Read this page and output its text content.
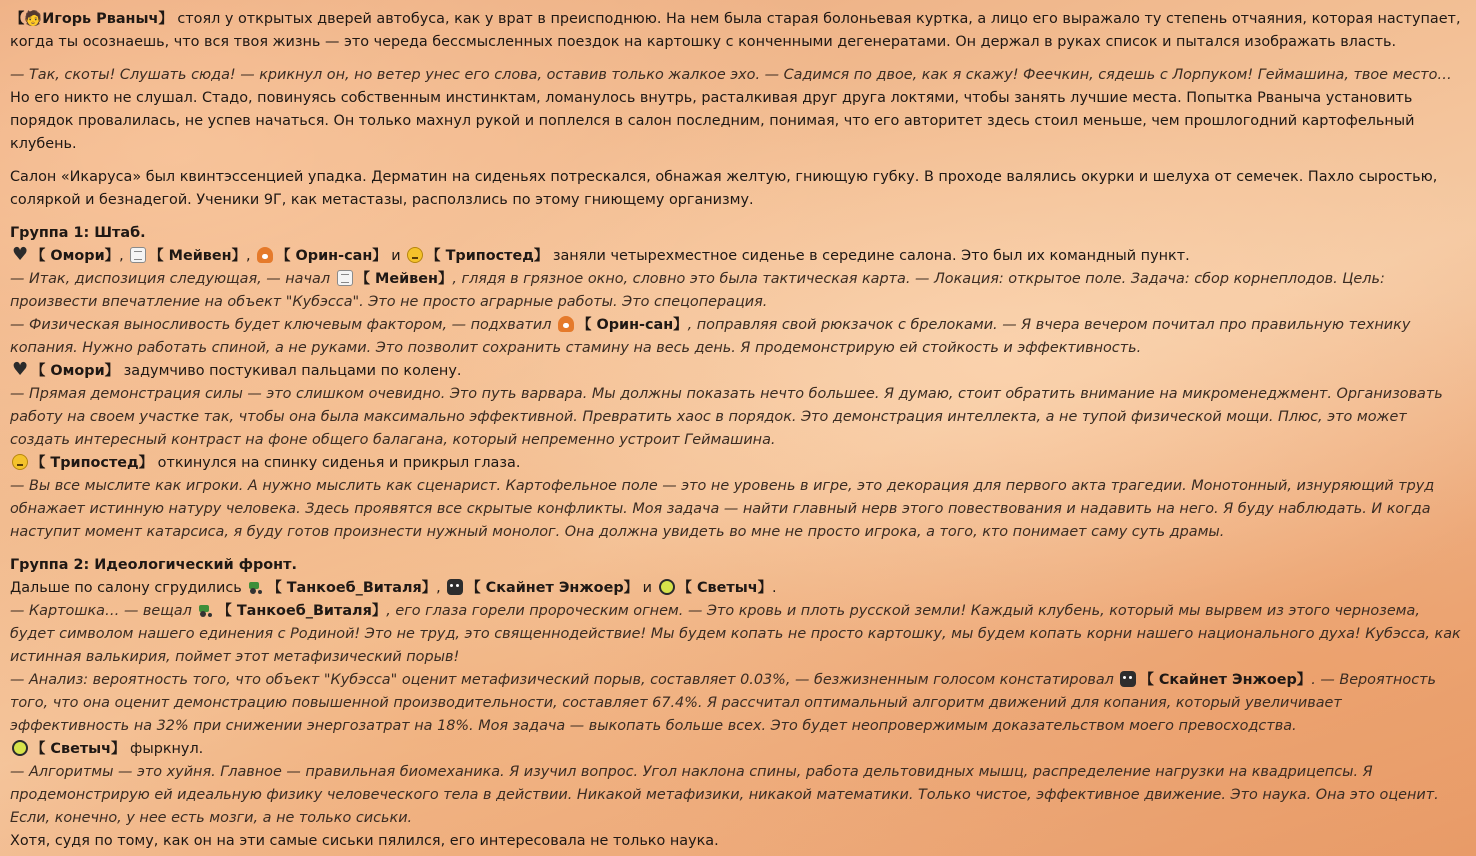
【🧑Игорь Рваныч】 стоял у открытых дверей автобуса, как у врат в преисподнюю. На нем была старая болоньевая куртка, а лицо его выражало ту степень отчаяния, которая наступает, когда ты осознаешь, что вся твоя жизнь — это череда бессмысленных поездок на картошку с конченными дегенератами. Он держал в руках список и пытался изображать власть.

— Так, скоты! Слушать сюда! — крикнул он, но ветер унес его слова, оставив только жалкое эхо. — Садимся по двое, как я скажу! Феечкин, сядешь с Лорпуком! Геймашина, твое место…

Но его никто не слушал. Стадо, повинуясь собственным инстинктам, ломанулось внутрь, расталкивая друг друга локтями, чтобы занять лучшие места. Попытка Рваныча установить порядок провалилась, не успев начаться. Он только махнул рукой и поплелся в салон последним, понимая, что его авторитет здесь стоил меньше, чем прошлогодний картофельный клубень.

Салон «Икаруса» был квинтэссенцией упадка. Дерматин на сиденьях потрескался, обнажая желтую, гниющую губку. В проходе валялись окурки и шелуха от семечек. Пахло сыростью, соляркой и безнадегой. Ученики 9Г, как метастазы, расползлись по этому гниющему организму.

Группа 1: Штаб.

♥【 Омори】, 【 Мейвен】, 【 Орин-сан】 и 【 Трипостед】 заняли четырехместное сиденье в середине салона. Это был их командный пункт.

— Итак, диспозиция следующая, — начал 【 Мейвен】, глядя в грязное окно, словно это была тактическая карта. — Локация: открытое поле. Задача: сбор корнеплодов. Цель: произвести впечатление на объект "Кубэсса". Это не просто аграрные работы. Это спецоперация.

— Физическая выносливость будет ключевым фактором, — подхватил 【 Орин-сан】, поправляя свой рюкзачок с брелоками. — Я вчера вечером почитал про правильную технику копания. Нужно работать спиной, а не руками. Это позволит сохранить стамину на весь день. Я продемонстрирую ей стойкость и эффективность.

♥【 Омори】 задумчиво постукивал пальцами по колену.

— Прямая демонстрация силы — это слишком очевидно. Это путь варвара. Мы должны показать нечто большее. Я думаю, стоит обратить внимание на микроменеджмент. Организовать работу на своем участке так, чтобы она была максимально эффективной. Превратить хаос в порядок. Это демонстрация интеллекта, а не тупой физической мощи. Плюс, это может создать интересный контраст на фоне общего балагана, который непременно устроит Геймашина.

【 Трипостед】 откинулся на спинку сиденья и прикрыл глаза.

— Вы все мыслите как игроки. А нужно мыслить как сценарист. Картофельное поле — это не уровень в игре, это декорация для первого акта трагедии. Монотонный, изнуряющий труд обнажает истинную натуру человека. Здесь проявятся все скрытые конфликты. Моя задача — найти главный нерв этого повествования и надавить на него. Я буду наблюдать. И когда наступит момент катарсиса, я буду готов произнести нужный монолог. Она должна увидеть во мне не просто игрока, а того, кто понимает саму суть драмы.

Группа 2: Идеологический фронт.

Дальше по салону сгрудились 【 Танкоеб_Виталя】, 【 Скайнет Энжоер】 и 【 Светыч】.

— Картошка… — вещал 【 Танкоеб_Виталя】, его глаза горели пророческим огнем. — Это кровь и плоть русской земли! Каждый клубень, который мы вырвем из этого чернозема, будет символом нашего единения с Родиной! Это не труд, это священнодействие! Мы будем копать не просто картошку, мы будем копать корни нашего национального духа! Кубэсса, как истинная валькирия, поймет этот метафизический порыв!

— Анализ: вероятность того, что объект "Кубэсса" оценит метафизический порыв, составляет 0.03%, — безжизненным голосом констатировал 【 Скайнет Энжоер】. — Вероятность того, что она оценит демонстрацию повышенной производительности, составляет 67.4%. Я рассчитал оптимальный алгоритм движений для копания, который увеличивает эффективность на 32% при снижении энергозатрат на 18%. Моя задача — выкопать больше всех. Это будет неопровержимым доказательством моего превосходства.

【 Светыч】 фыркнул.

— Алгоритмы — это хуйня. Главное — правильная биомеханика. Я изучил вопрос. Угол наклона спины, работа дельтовидных мышц, распределение нагрузки на квадрицепсы. Я продемонстрирую ей идеальную физику человеческого тела в действии. Никакой метафизики, никакой математики. Только чистое, эффективное движение. Это наука. Она это оценит. Если, конечно, у нее есть мозги, а не только сиськи.

Хотя, судя по тому, как он на эти самые сиськи пялился, его интересовала не только наука.
